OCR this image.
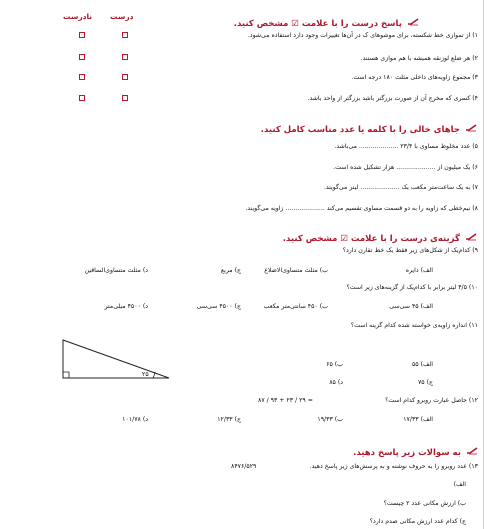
درست
نادرست
پاسخ درست را با علامت ☑ مشخص کنید.
۱) از تموازی خط شکسته، برای مو‌شوهای ک‌ در آن‌ها تغییرات وجود دارد استفاده می‌شود.
۲) هر ضلع لوزنقه همیشه با هم موازی هستند.
۳) مجموع زاویه‌های داخلی مثلث ۱۸۰ درجه است.
۴) کسری که مخرج آن از صورت بزرگتر باشد بزرگتر از واحد باشد.
جاهای خالی را با کلمه یا عدد مناسب کامل کنید.
۵) عدد مخلوط مساوی با ۲۳/۴ .................... می‌باشد.
۶) یک میلیون از .................... هزار تشکیل شده است.
۷) به یک ساعت‌متر مکعب یک .................... لیتر می‌گویند.
۸) نیم‌خطی که زاویه را به دو قسمت مساوی تقسیم می‌کند .................... زاویه می‌گویند.
گزینه‌ی درست را با علامت ☑ مشخص کنید.
۹) کدام‌یک از شکل‌های زیر فقط یک خط تقارن دارد؟
الف) دایره
ب) مثلث متساوی‌الاضلاع
ج) مربع
د) مثلث متساوی‌الساقین
۱۰) ۴/۵ لیتر برابر با کدام‌یک از گزینه‌های زیر است؟
الف) ۴۵ سی‌سی
ب) ۴۵۰ سانتی‌متر مکعب
ج) ۴۵۰۰ سی‌سی
د) ۴۵۰۰ میلی‌متر
۱۱) اندازه زاویه‌ی خواسته شده کدام گزینه است؟
الف) ۵۵
ب) ۶۵
ج) ۷۵
د) ۸۵
۲۵
۱۲) حاصل عبارت روبرو کدام است؟
۸۷ / ۹۳ + ۲۳ / ۲۹ =
الف) ۱۷/۳۳
ب) ۱۹/۳۳
ج) ۱۲/۳۳
د) ۱۰۱/۷۸
به سوالات زیر پاسخ دهید.
۱۳) عدد روبرو را به حروف نوشته و به پرسش‌های زیر پاسخ دهید.
۸۴۷۶/۵۲۹
الف)
ب) ارزش مکانی عدد ۲ چیست؟
ج) کدام عدد ارزش مکانی صدم دارد؟
